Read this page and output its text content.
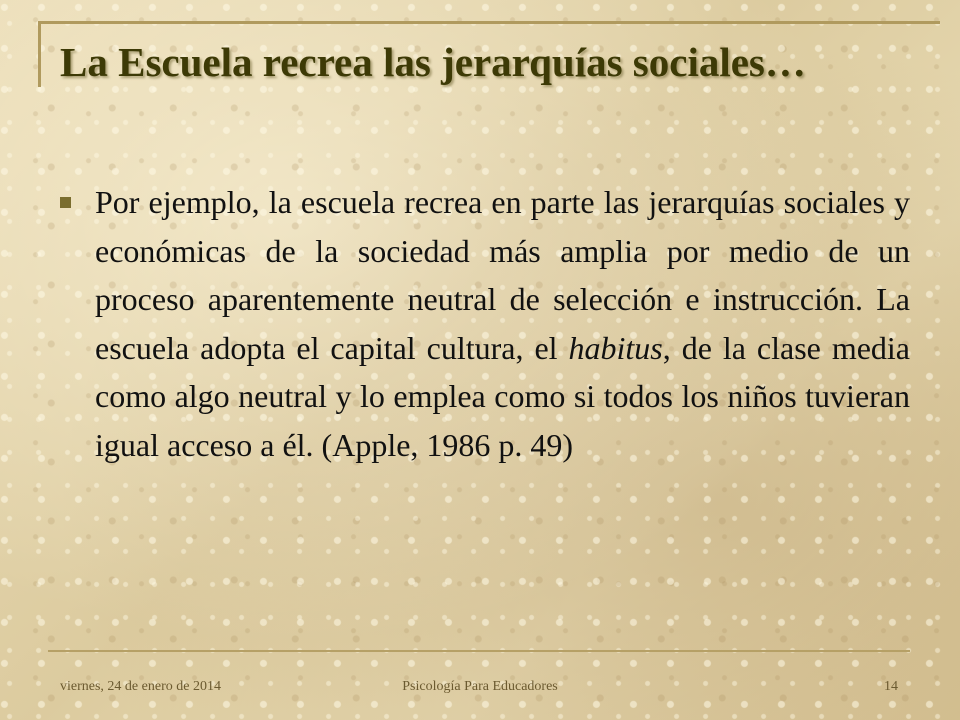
La Escuela recrea las jerarquías sociales…

Por ejemplo, la escuela recrea en parte las jerarquías sociales y económicas de la sociedad más amplia por medio de un proceso aparentemente neutral de selección e instrucción. La escuela adopta el capital cultura, el habitus, de la clase media como algo neutral y lo emplea como si todos los niños tuvieran igual acceso a él. (Apple, 1986 p. 49)

viernes, 24 de enero de 2014	Psicología Para Educadores	14
